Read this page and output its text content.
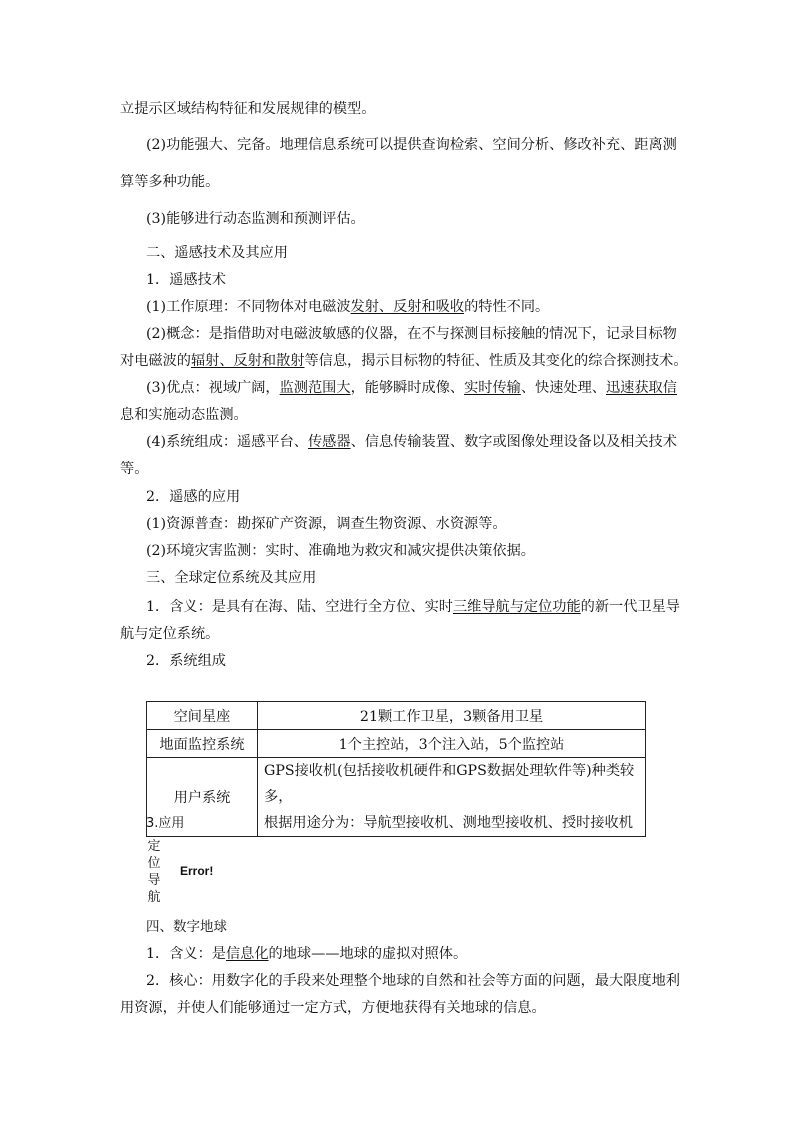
立提示区域结构特征和发展规律的模型。
(2)功能强大、完备。地理信息系统可以提供查询检索、空间分析、修改补充、距离测
算等多种功能。
(3)能够进行动态监测和预测评估。
二、遥感技术及其应用
1．遥感技术
(1)工作原理：不同物体对电磁波发射、反射和吸收的特性不同。
(2)概念：是指借助对电磁波敏感的仪器，在不与探测目标接触的情况下，记录目标物
对电磁波的辐射、反射和散射等信息，揭示目标物的特征、性质及其变化的综合探测技术。
(3)优点：视域广阔，监测范围大，能够瞬时成像、实时传输、快速处理、迅速获取信
息和实施动态监测。
(4)系统组成：遥感平台、传感器、信息传输装置、数字或图像处理设备以及相关技术
等。
2．遥感的应用
(1)资源普查：勘探矿产资源，调查生物资源、水资源等。
(2)环境灾害监测：实时、准确地为救灾和减灾提供决策依据。
三、全球定位系统及其应用
1．含义：是具有在海、陆、空进行全方位、实时三维导航与定位功能的新一代卫星导
航与定位系统。
2．系统组成
空间星座	21颗工作卫星，3颗备用卫星
地面监控系统	1个主控站，3个注入站，5个监控站
用户系统	GPS接收机(包括接收机硬件和GPS数据处理软件等)种类较多，
根据用途分为：导航型接收机、测地型接收机、授时接收机
3.应用
定
位
导
航
Error!
四、数字地球
1．含义：是信息化的地球——地球的虚拟对照体。
2．核心：用数字化的手段来处理整个地球的自然和社会等方面的问题，最大限度地利
用资源，并使人们能够通过一定方式，方便地获得有关地球的信息。
